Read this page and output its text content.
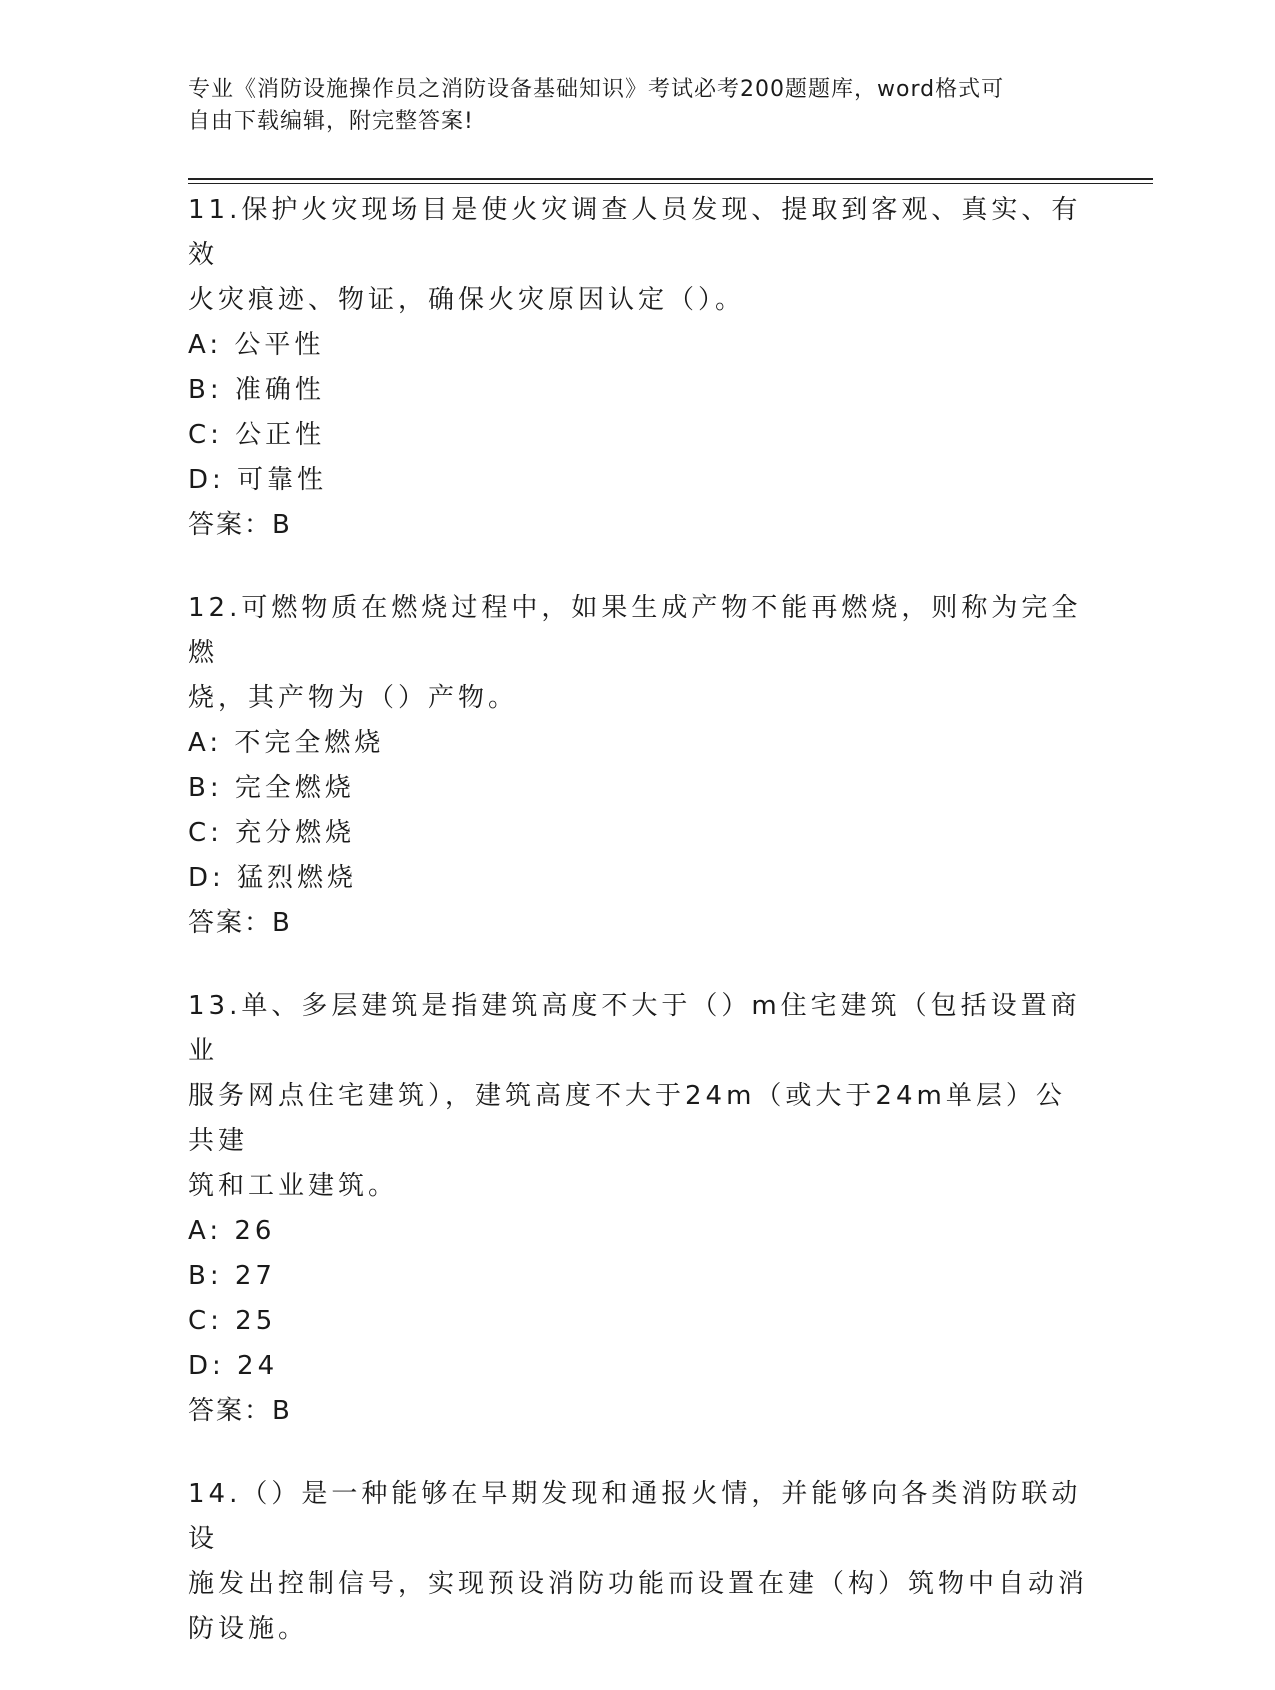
专业《消防设施操作员之消防设备基础知识》考试必考200题题库，word格式可
自由下载编辑，附完整答案!

11.保护火灾现场目是使火灾调查人员发现、提取到客观、真实、有效

火灾痕迹、物证，确保火灾原因认定（）。

A: 公平性

B: 准确性

C: 公正性

D: 可靠性

答案：B

12.可燃物质在燃烧过程中，如果生成产物不能再燃烧，则称为完全燃

烧，其产物为（）产物。

A: 不完全燃烧

B: 完全燃烧

C: 充分燃烧

D: 猛烈燃烧

答案：B

13.单、多层建筑是指建筑高度不大于（）m住宅建筑（包括设置商业

服务网点住宅建筑），建筑高度不大于24m（或大于24m单层）公共建

筑和工业建筑。

A: 26

B: 27

C: 25

D: 24

答案：B

14.（）是一种能够在早期发现和通报火情，并能够向各类消防联动设

施发出控制信号，实现预设消防功能而设置在建（构）筑物中自动消

防设施。
